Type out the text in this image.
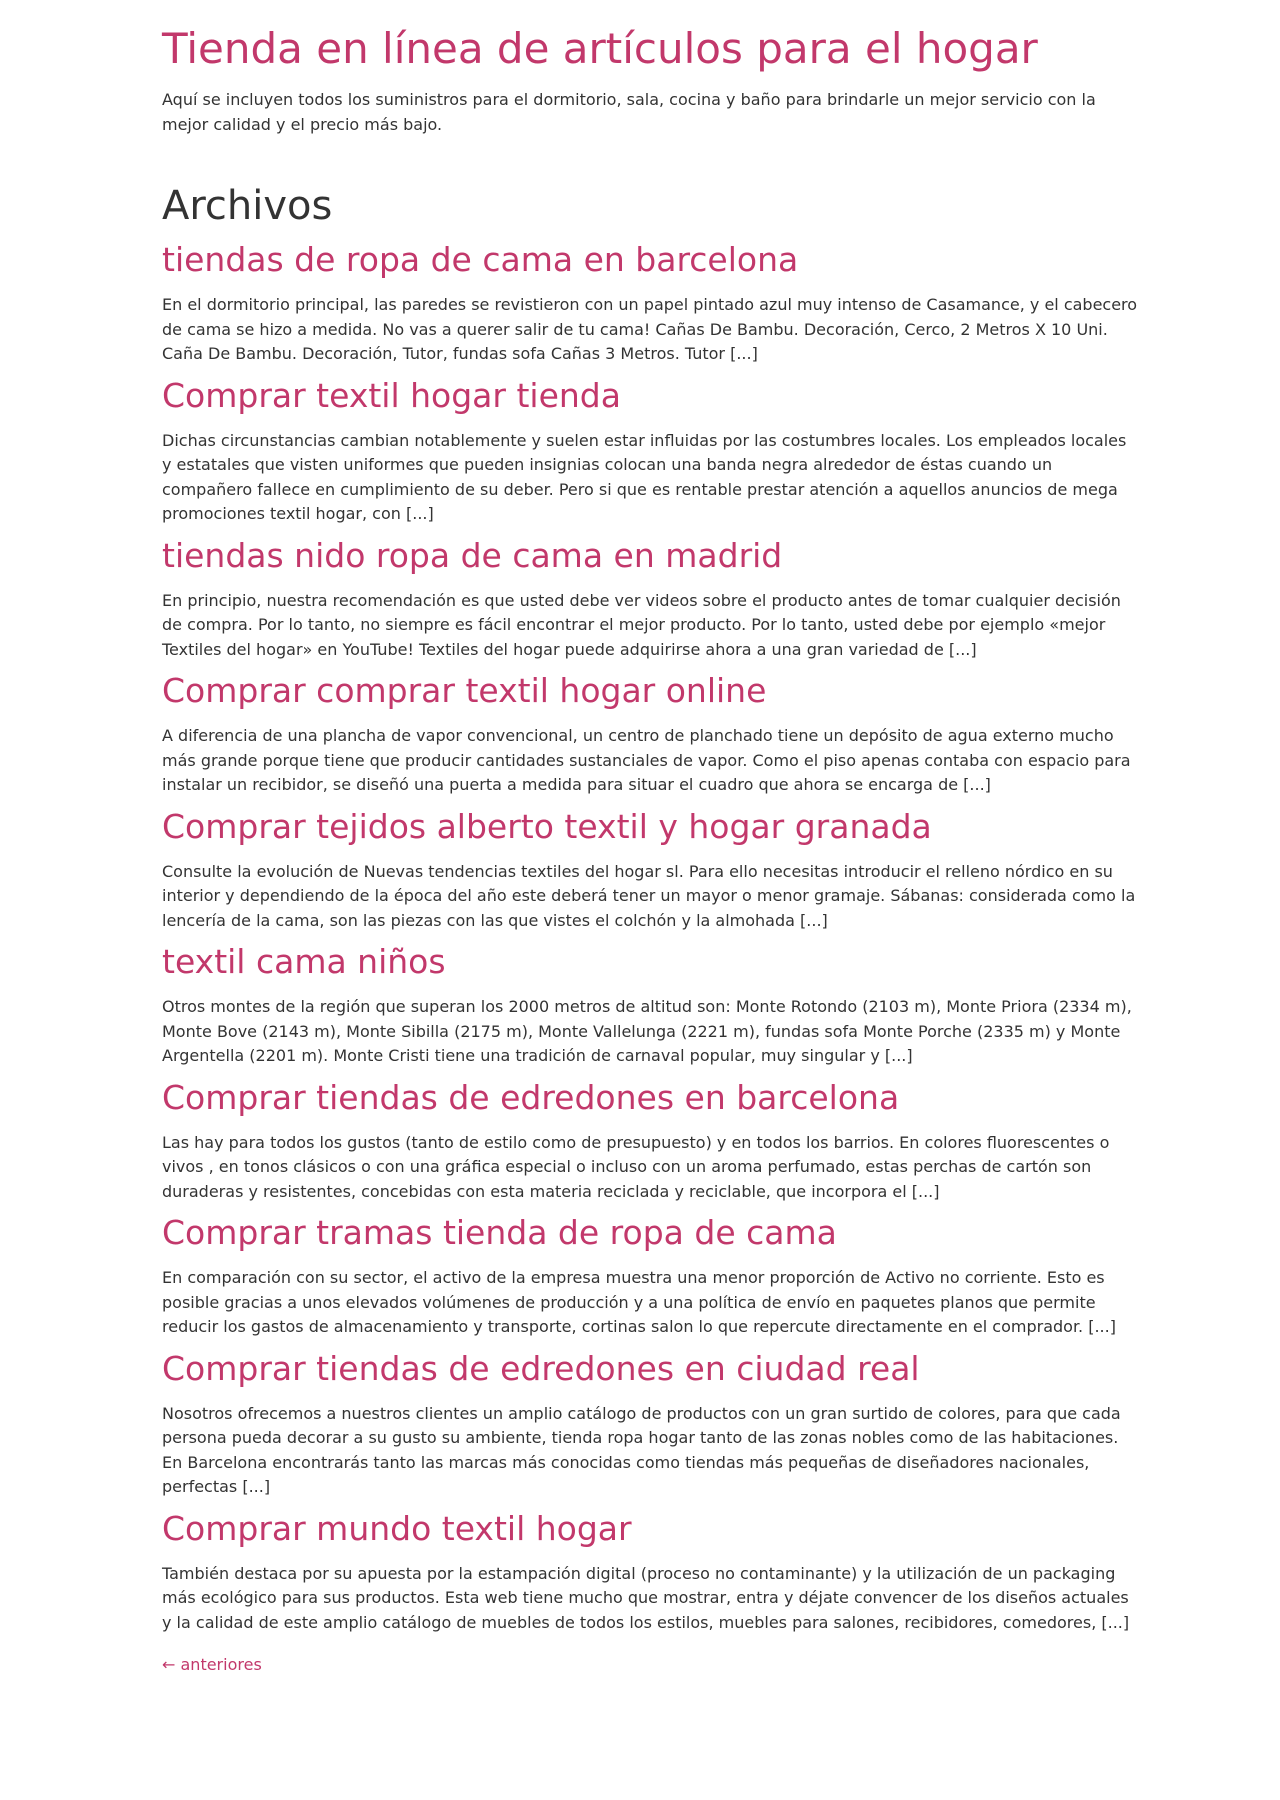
Tienda en línea de artículos para el hogar

Aquí se incluyen todos los suministros para el dormitorio, sala, cocina y baño para brindarle un mejor servicio con la mejor calidad y el precio más bajo.

Archivos
tiendas de ropa de cama en barcelona

En el dormitorio principal, las paredes se revistieron con un papel pintado azul muy intenso de Casamance, y el cabecero de cama se hizo a medida. No vas a querer salir de tu cama! Cañas De Bambu. Decoración, Cerco, 2 Metros X 10 Uni. Caña De Bambu. Decoración, Tutor, fundas sofa Cañas 3 Metros. Tutor [...]

Comprar textil hogar tienda

Dichas circunstancias cambian notablemente y suelen estar influidas por las costumbres locales. Los empleados locales y estatales que visten uniformes que pueden insignias colocan una banda negra alrededor de éstas cuando un compañero fallece en cumplimiento de su deber. Pero si que es rentable prestar atención a aquellos anuncios de mega promociones textil hogar, con [...]

tiendas nido ropa de cama en madrid

En principio, nuestra recomendación es que usted debe ver videos sobre el producto antes de tomar cualquier decisión de compra. Por lo tanto, no siempre es fácil encontrar el mejor producto. Por lo tanto, usted debe por ejemplo «mejor Textiles del hogar» en YouTube! Textiles del hogar puede adquirirse ahora a una gran variedad de [...]

Comprar comprar textil hogar online

A diferencia de una plancha de vapor convencional, un centro de planchado tiene un depósito de agua externo mucho más grande porque tiene que producir cantidades sustanciales de vapor. Como el piso apenas contaba con espacio para instalar un recibidor, se diseñó una puerta a medida para situar el cuadro que ahora se encarga de [...]

Comprar tejidos alberto textil y hogar granada

Consulte la evolución de Nuevas tendencias textiles del hogar sl. Para ello necesitas introducir el relleno nórdico en su interior y dependiendo de la época del año este deberá tener un mayor o menor gramaje. Sábanas: considerada como la lencería de la cama, son las piezas con las que vistes el colchón y la almohada [...]

textil cama niños

Otros montes de la región que superan los 2000 metros de altitud son: Monte Rotondo (2103 m), Monte Priora (2334 m), Monte Bove (2143 m), Monte Sibilla (2175 m), Monte Vallelunga (2221 m), fundas sofa Monte Porche (2335 m) y Monte Argentella (2201 m). Monte Cristi tiene una tradición de carnaval popular, muy singular y [...]

Comprar tiendas de edredones en barcelona

Las hay para todos los gustos (tanto de estilo como de presupuesto) y en todos los barrios. En colores fluorescentes o vivos , en tonos clásicos o con una gráfica especial o incluso con un aroma perfumado, estas perchas de cartón son duraderas y resistentes, concebidas con esta materia reciclada y reciclable, que incorpora el [...]

Comprar tramas tienda de ropa de cama

En comparación con su sector, el activo de la empresa muestra una menor proporción de Activo no corriente. Esto es posible gracias a unos elevados volúmenes de producción y a una política de envío en paquetes planos que permite reducir los gastos de almacenamiento y transporte, cortinas salon lo que repercute directamente en el comprador. [...]

Comprar tiendas de edredones en ciudad real

Nosotros ofrecemos a nuestros clientes un amplio catálogo de productos con un gran surtido de colores, para que cada persona pueda decorar a su gusto su ambiente, tienda ropa hogar tanto de las zonas nobles como de las habitaciones. En Barcelona encontrarás tanto las marcas más conocidas como tiendas más pequeñas de diseñadores nacionales, perfectas [...]

Comprar mundo textil hogar

También destaca por su apuesta por la estampación digital (proceso no contaminante) y la utilización de un packaging más ecológico para sus productos. Esta web tiene mucho que mostrar, entra y déjate convencer de los diseños actuales y la calidad de este amplio catálogo de muebles de todos los estilos, muebles para salones, recibidores, comedores, [...]

← anteriores
